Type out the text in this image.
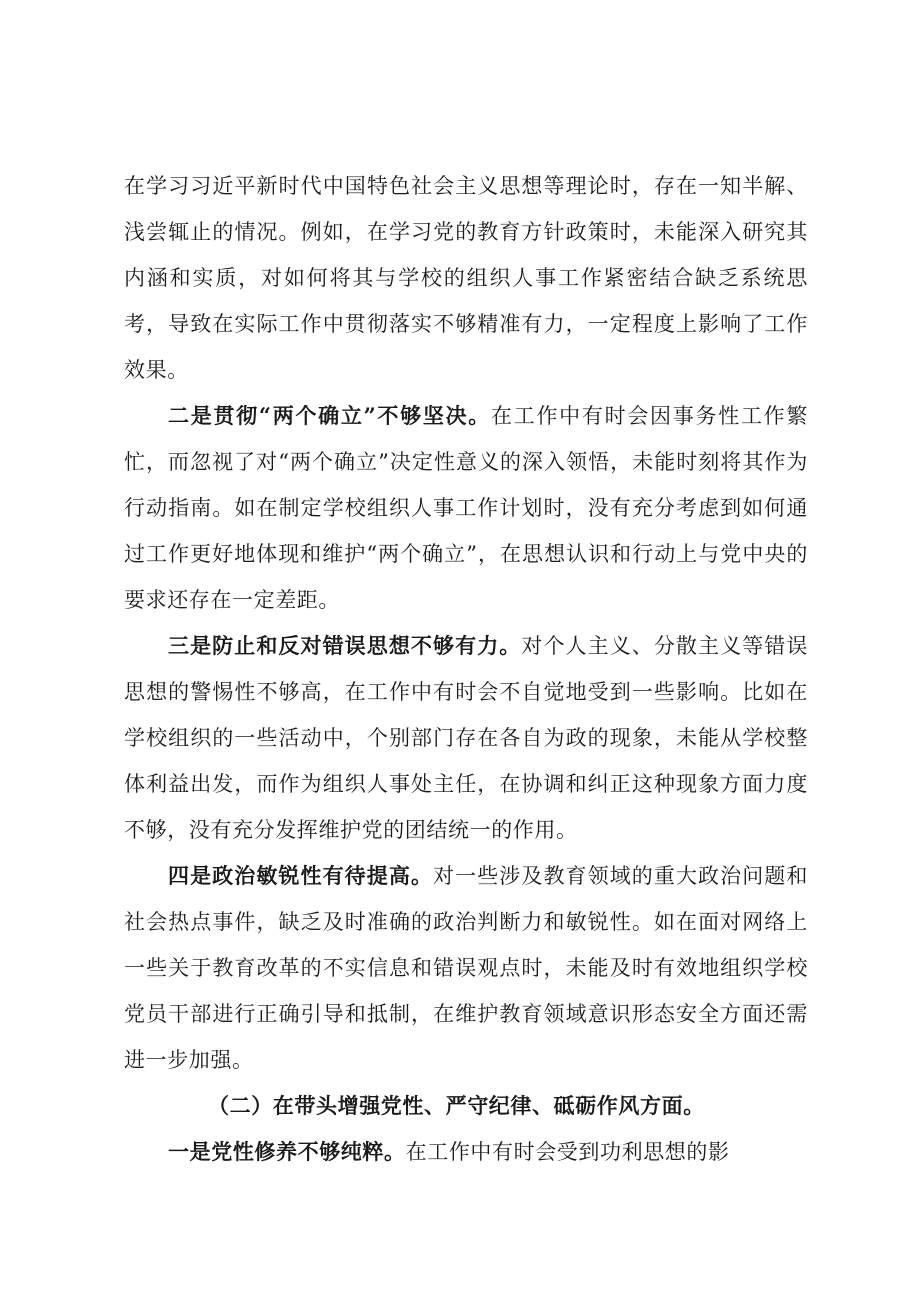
在学习习近平新时代中国特色社会主义思想等理论时，存在一知半解、浅尝辄止的情况。例如，在学习党的教育方针政策时，未能深入研究其内涵和实质，对如何将其与学校的组织人事工作紧密结合缺乏系统思考，导致在实际工作中贯彻落实不够精准有力，一定程度上影响了工作效果。

二是贯彻“两个确立”不够坚决。在工作中有时会因事务性工作繁忙，而忽视了对“两个确立”决定性意义的深入领悟，未能时刻将其作为行动指南。如在制定学校组织人事工作计划时，没有充分考虑到如何通过工作更好地体现和维护“两个确立”，在思想认识和行动上与党中央的要求还存在一定差距。

三是防止和反对错误思想不够有力。对个人主义、分散主义等错误思想的警惕性不够高，在工作中有时会不自觉地受到一些影响。比如在学校组织的一些活动中，个别部门存在各自为政的现象，未能从学校整体利益出发，而作为组织人事处主任，在协调和纠正这种现象方面力度不够，没有充分发挥维护党的团结统一的作用。

四是政治敏锐性有待提高。对一些涉及教育领域的重大政治问题和社会热点事件，缺乏及时准确的政治判断力和敏锐性。如在面对网络上一些关于教育改革的不实信息和错误观点时，未能及时有效地组织学校党员干部进行正确引导和抵制，在维护教育领域意识形态安全方面还需进一步加强。

（二）在带头增强党性、严守纪律、砥砺作风方面。

一是党性修养不够纯粹。在工作中有时会受到功利思想的影
